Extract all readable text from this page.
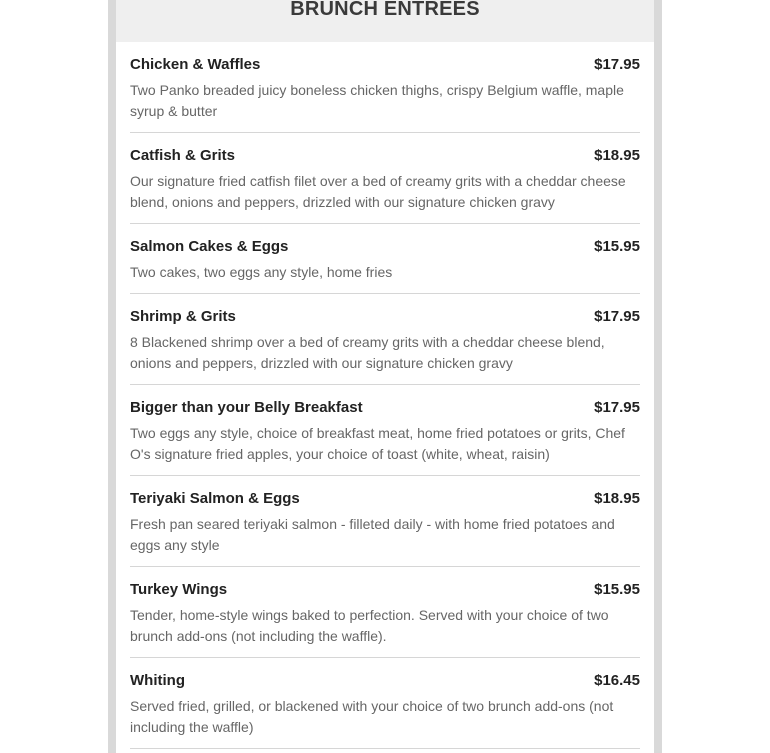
BRUNCH ENTREES
Chicken & Waffles	$17.95
Two Panko breaded juicy boneless chicken thighs, crispy Belgium waffle, maple syrup & butter
Catfish & Grits	$18.95
Our signature fried catfish filet over a bed of creamy grits with a cheddar cheese blend, onions and peppers, drizzled with our signature chicken gravy
Salmon Cakes & Eggs	$15.95
Two cakes, two eggs any style, home fries
Shrimp & Grits	$17.95
8 Blackened shrimp over a bed of creamy grits with a cheddar cheese blend, onions and peppers, drizzled with our signature chicken gravy
Bigger than your Belly Breakfast	$17.95
Two eggs any style, choice of breakfast meat, home fried potatoes or grits, Chef O's signature fried apples, your choice of toast (white, wheat, raisin)
Teriyaki Salmon & Eggs	$18.95
Fresh pan seared teriyaki salmon - filleted daily - with home fried potatoes and eggs any style
Turkey Wings	$15.95
Tender, home-style wings baked to perfection. Served with your choice of two brunch add-ons (not including the waffle).
Whiting	$16.45
Served fried, grilled, or blackened with your choice of two brunch add-ons (not including the waffle)
